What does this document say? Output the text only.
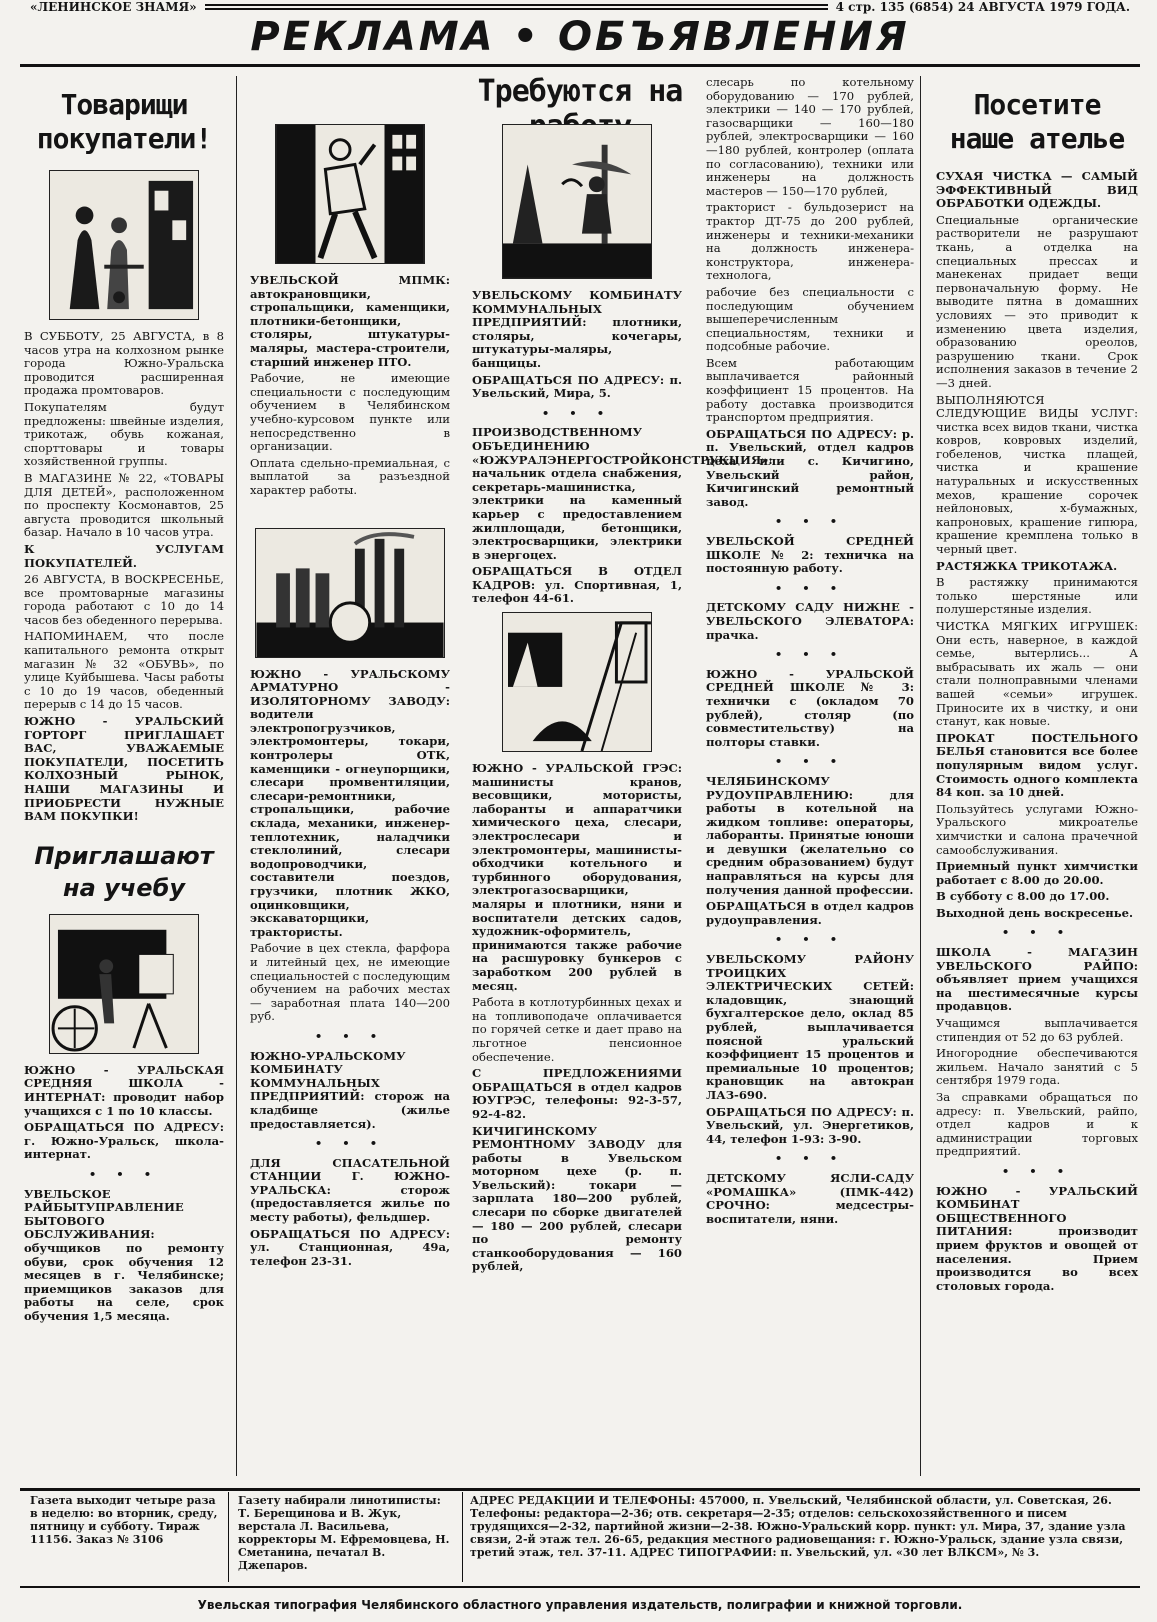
«ЛЕНИНСКОЕ ЗНАМЯ»	4 стр. 135 (6854) 24 АВГУСТА 1979 ГОДА.
РЕКЛАМА • ОБЪЯВЛЕНИЯ
Требуются на
Товарищи покупатели!

В СУББОТУ, 25 АВГУСТА, в 8 часов утра на колхозном рынке города Южно-Уральска проводится расширенная продажа промтоваров.

Покупателям будут предложены: швейные изделия, трикотаж, обувь кожаная, спорттовары и товары хозяйственной группы.

В МАГАЗИНЕ № 22, «ТОВАРЫ ДЛЯ ДЕТЕЙ», расположенном по проспекту Космонавтов, 25 августа проводится школьный базар. Начало в 10 часов утра.

К УСЛУГАМ ПОКУПАТЕЛЕЙ.

26 АВГУСТА, В ВОСКРЕСЕНЬЕ, все промтоварные магазины города работают с 10 до 14 часов без обеденного перерыва.

НАПОМИНАЕМ, что после капитального ремонта открыт магазин № 32 «ОБУВЬ», по улице Куйбышева. Часы работы с 10 до 19 часов, обеденный перерыв с 14 до 15 часов.

ЮЖНО - УРАЛЬСКИЙ ГОРТОРГ ПРИГЛАШАЕТ ВАС, УВАЖАЕМЫЕ ПОКУПАТЕЛИ, ПОСЕТИТЬ КОЛХОЗНЫЙ РЫНОК, НАШИ МАГАЗИНЫ И ПРИОБРЕСТИ НУЖНЫЕ ВАМ ПОКУПКИ!

Приглашают на учебу

ЮЖНО - УРАЛЬСКАЯ СРЕДНЯЯ ШКОЛА - ИНТЕРНАТ: проводит набор учащихся с 1 по 10 классы.

ОБРАЩАТЬСЯ ПО АДРЕСУ: г. Южно-Уральск, школа-интернат.

• • •

УВЕЛЬСКОЕ РАЙБЫТУПРАВЛЕНИЕ БЫТОВОГО ОБСЛУЖИВАНИЯ: обучщиков по ремонту обуви, срок обучения 12 месяцев в г. Челябинске; приемщиков заказов для работы на селе, срок обучения 1,5 месяца.

УВЕЛЬСКОЙ МПМК: автокрановщики, стропальщики, каменщики, плотники-бетонщики, столяры, штукатуры-маляры, мастера-строители, старший инженер ПТО.

Рабочие, не имеющие специальности с последующим обучением в Челябинском учебно-курсовом пункте или непосредственно в организации.

Оплата сдельно-премиальная, с выплатой за разъездной характер работы.

ЮЖНО - УРАЛЬСКОМУ АРМАТУРНО - ИЗОЛЯТОРНОМУ ЗАВОДУ: водители электропогрузчиков, электромонтеры, токари, контролеры ОТК, каменщики - огнеупорщики, слесари промвентиляции, слесари-ремонтники, стропальщики, рабочие склада, механики, инженер-теплотехник, наладчики стеклолиний, слесари водопроводчики, составители поездов, грузчики, плотник ЖКО, оцинковщики, экскаваторщики, трактористы.

Рабочие в цех стекла, фарфора и литейный цех, не имеющие специальностей с последующим обучением на рабочих местах — заработная плата 140—200 руб.

• • •

ЮЖНО-УРАЛЬСКОМУ КОМБИНАТУ КОММУНАЛЬНЫХ ПРЕДПРИЯТИЙ: сторож на кладбище (жилье предоставляется).

• • •

ДЛЯ СПАСАТЕЛЬНОЙ СТАНЦИИ Г. ЮЖНО-УРАЛЬСКА: сторож (предоставляется жилье по месту работы), фельдшер.

ОБРАЩАТЬСЯ ПО АДРЕСУ: ул. Станционная, 49а, телефон 23-31.

УВЕЛЬСКОМУ КОМБИНАТУ КОММУНАЛЬНЫХ ПРЕДПРИЯТИЙ: плотники, столяры, кочегары, штукатуры-маляры, банщицы.

ОБРАЩАТЬСЯ ПО АДРЕСУ: п. Увельский, Мира, 5.

• • •

ПРОИЗВОДСТВЕННОМУ ОБЪЕДИНЕНИЮ «ЮЖУРАЛЭНЕРГОСТРОЙКОНСТРУКЦИЯ»: начальник отдела снабжения, секретарь-машинистка, электрики на каменный карьер с предоставлением жилплощади, бетонщики, электросварщики, электрики в энергоцех.

ОБРАЩАТЬСЯ В ОТДЕЛ КАДРОВ: ул. Спортивная, 1, телефон 44-61.

ЮЖНО - УРАЛЬСКОЙ ГРЭС: машинисты кранов, весовщики, мотористы, лаборанты и аппаратчики химического цеха, слесари, электрослесари и электромонтеры, машинисты-обходчики котельного и турбинного оборудования, электрогазосварщики, маляры и плотники, няни и воспитатели детских садов, художник-оформитель, принимаются также рабочие на расшуровку бункеров с заработком 200 рублей в месяц.

Работа в котлотурбинных цехах и на топливоподаче оплачивается по горячей сетке и дает право на льготное пенсионное обеспечение.

С ПРЕДЛОЖЕНИЯМИ ОБРАЩАТЬСЯ в отдел кадров ЮУГРЭС, телефоны: 92-3-57, 92-4-82.

КИЧИГИНСКОМУ РЕМОНТНОМУ ЗАВОДУ для работы в Увельском моторном цехе (р. п. Увельский): токари — зарплата 180—200 рублей, слесари по сборке двигателей — 180 — 200 рублей, слесари по ремонту станкооборудования — 160 рублей,

слесарь по котельному оборудованию — 170 рублей, электрики — 140 — 170 рублей, газосварщики — 160—180 рублей, электросварщики — 160 —180 рублей, контролер (оплата по согласованию), техники или инженеры на должность мастеров — 150—170 рублей,

тракторист - бульдозерист на трактор ДТ-75 до 200 рублей, инженеры и техники-механики на должность инженера-конструктора, инженера-технолога,

рабочие без специальности с последующим обучением вышеперечисленным специальностям, техники и подсобные рабочие.

Всем работающим выплачивается районный коэффициент 15 процентов. На работу доставка производится транспортом предприятия.

ОБРАЩАТЬСЯ ПО АДРЕСУ: р. п. Увельский, отдел кадров цеха или с. Кичигино, Увельский район, Кичигинский ремонтный завод.

• • •

УВЕЛЬСКОЙ СРЕДНЕЙ ШКОЛЕ № 2: техничка на постоянную работу.

• • •

ДЕТСКОМУ САДУ НИЖНЕ - УВЕЛЬСКОГО ЭЛЕВАТОРА: прачка.

• • •

ЮЖНО - УРАЛЬСКОЙ СРЕДНЕЙ ШКОЛЕ № 3: технички с (окладом 70 рублей), столяр (по совместительству) на полторы ставки.

• • •

ЧЕЛЯБИНСКОМУ РУДОУПРАВЛЕНИЮ: для работы в котельной на жидком топливе: операторы, лаборанты. Принятые юноши и девушки (желательно со средним образованием) будут направляться на курсы для получения данной профессии.

ОБРАЩАТЬСЯ в отдел кадров рудоуправления.

• • •

УВЕЛЬСКОМУ РАЙОНУ ТРОИЦКИХ ЭЛЕКТРИЧЕСКИХ СЕТЕЙ: кладовщик, знающий бухгалтерское дело, оклад 85 рублей, выплачивается поясной уральский коэффициент 15 процентов и премиальные 10 процентов; крановщик на автокран ЛАЗ-690.

ОБРАЩАТЬСЯ ПО АДРЕСУ: п. Увельский, ул. Энергетиков, 44, телефон 1-93: 3-90.

• • •

ДЕТСКОМУ ЯСЛИ-САДУ «РОМАШКА» (ПМК-442) СРОЧНО: медсестры-воспитатели, няни.

Посетите наше ателье

СУХАЯ ЧИСТКА — САМЫЙ ЭФФЕКТИВНЫЙ ВИД ОБРАБОТКИ ОДЕЖДЫ.

Специальные органические растворители не разрушают ткань, а отделка на специальных прессах и манекенах придает вещи первоначальную форму. Не выводите пятна в домашних условиях — это приводит к изменению цвета изделия, образованию ореолов, разрушению ткани. Срок исполнения заказов в течение 2—3 дней.

ВЫПОЛНЯЮТСЯ СЛЕДУЮЩИЕ ВИДЫ УСЛУГ: чистка всех видов ткани, чистка ковров, ковровых изделий, гобеленов, чистка плащей, чистка и крашение натуральных и искусственных мехов, крашение сорочек нейлоновых, х-бумажных, капроновых, крашение гипюра, крашение кремплена только в черный цвет.

РАСТЯЖКА ТРИКОТАЖА.

В растяжку принимаются только шерстяные или полушерстяные изделия.

ЧИСТКА МЯГКИХ ИГРУШЕК: Они есть, наверное, в каждой семье, вытерлись... А выбрасывать их жаль — они стали полноправными членами вашей «семьи» игрушек. Приносите их в чистку, и они станут, как новые.

ПРОКАТ ПОСТЕЛЬНОГО БЕЛЬЯ становится все более популярным видом услуг. Стоимость одного комплекта 84 коп. за 10 дней.

Пользуйтесь услугами Южно-Уральского микроателье химчистки и салона прачечной самообслуживания.

Приемный пункт химчистки работает с 8.00 до 20.00.

В субботу с 8.00 до 17.00.

Выходной день воскресенье.

• • •

ШКОЛА - МАГАЗИН УВЕЛЬСКОГО РАЙПО: объявляет прием учащихся на шестимесячные курсы продавцов.

Учащимся выплачивается стипендия от 52 до 63 рублей.

Иногородние обеспечиваются жильем. Начало занятий с 5 сентября 1979 года.

За справками обращаться по адресу: п. Увельский, райпо, отдел кадров и к администрации торговых предприятий.

• • •

ЮЖНО - УРАЛЬСКИЙ КОМБИНАТ ОБЩЕСТВЕННОГО ПИТАНИЯ: производит прием фруктов и овощей от населения. Прием производится во всех столовых города.

Газета выходит четыре раза в неделю: во вторник, среду, пятницу и субботу. Тираж 11156. Заказ № 3106
Газету набирали линотиписты: Т. Берещинова и В. Жук, верстала Л. Васильева, корректоры М. Ефремовцева, Н. Сметанина, печатал В. Джепаров.
АДРЕС РЕДАКЦИИ И ТЕЛЕФОНЫ: 457000, п. Увельский, Челябинской области, ул. Советская, 26. Телефоны: редактора—2-36; отв. секретаря—2-35; отделов: сельскохозяйственного и писем трудящихся—2-32, партийной жизни—2-38. Южно-Уральский корр. пункт: ул. Мира, 37, здание узла связи, 2-й этаж тел. 26-65, редакция местного радиовещания: г. Южно-Уральск, здание узла связи, третий этаж, тел. 37-11. АДРЕС ТИПОГРАФИИ: п. Увельский, ул. «30 лет ВЛКСМ», № 3.
Увельская типография Челябинского областного управления издательств, полиграфии и книжной торговли.
